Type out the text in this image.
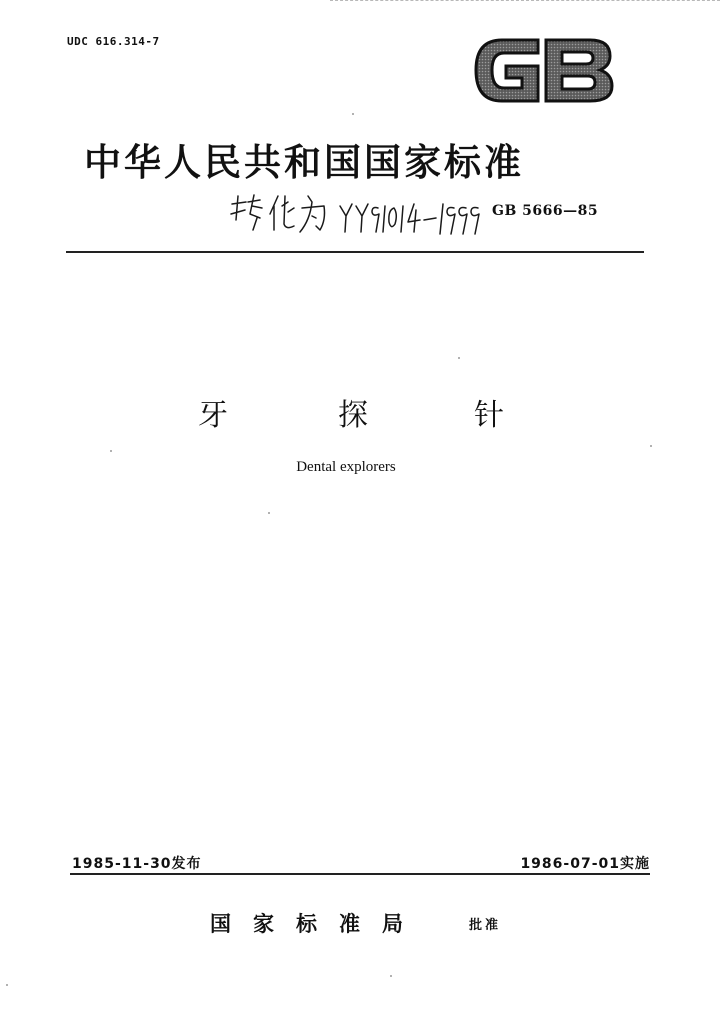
UDC 616.314-7
中华人民共和国国家标准
GB 5666—85
牙	探	针
Dental explorers
1985-11-30发布	1986-07-01实施
国家标准局	批准
